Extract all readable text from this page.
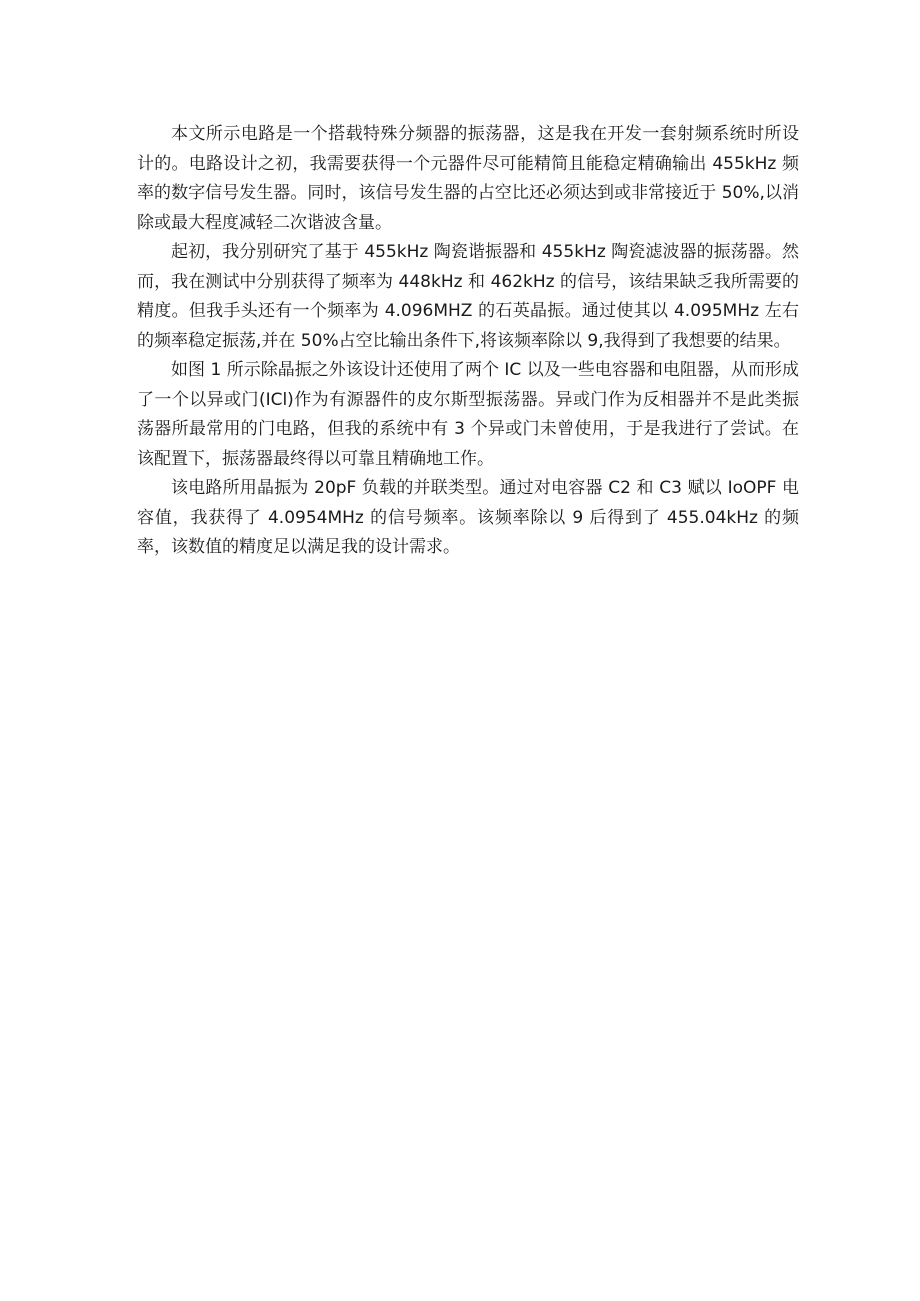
本文所示电路是一个搭载特殊分频器的振荡器，这是我在开发一套射频系统时所设计的。电路设计之初，我需要获得一个元器件尽可能精简且能稳定精确输出 455kHz 频率的数字信号发生器。同时，该信号发生器的占空比还必须达到或非常接近于 50%,以消除或最大程度减轻二次谐波含量。

起初，我分别研究了基于 455kHz 陶瓷谐振器和 455kHz 陶瓷滤波器的振荡器。然而，我在测试中分别获得了频率为 448kHz 和 462kHz 的信号，该结果缺乏我所需要的精度。但我手头还有一个频率为 4.096MHZ 的石英晶振。通过使其以 4.095MHz 左右的频率稳定振荡,并在 50%占空比输出条件下,将该频率除以 9,我得到了我想要的结果。

如图 1 所示除晶振之外该设计还使用了两个 IC 以及一些电容器和电阻器，从而形成了一个以异或门(ICl)作为有源器件的皮尔斯型振荡器。异或门作为反相器并不是此类振荡器所最常用的门电路，但我的系统中有 3 个异或门未曾使用，于是我进行了尝试。在该配置下，振荡器最终得以可靠且精确地工作。

该电路所用晶振为 20pF 负载的并联类型。通过对电容器 C2 和 C3 赋以 IoOPF 电容值，我获得了 4.0954MHz 的信号频率。该频率除以 9 后得到了 455.04kHz 的频率，该数值的精度足以满足我的设计需求。
